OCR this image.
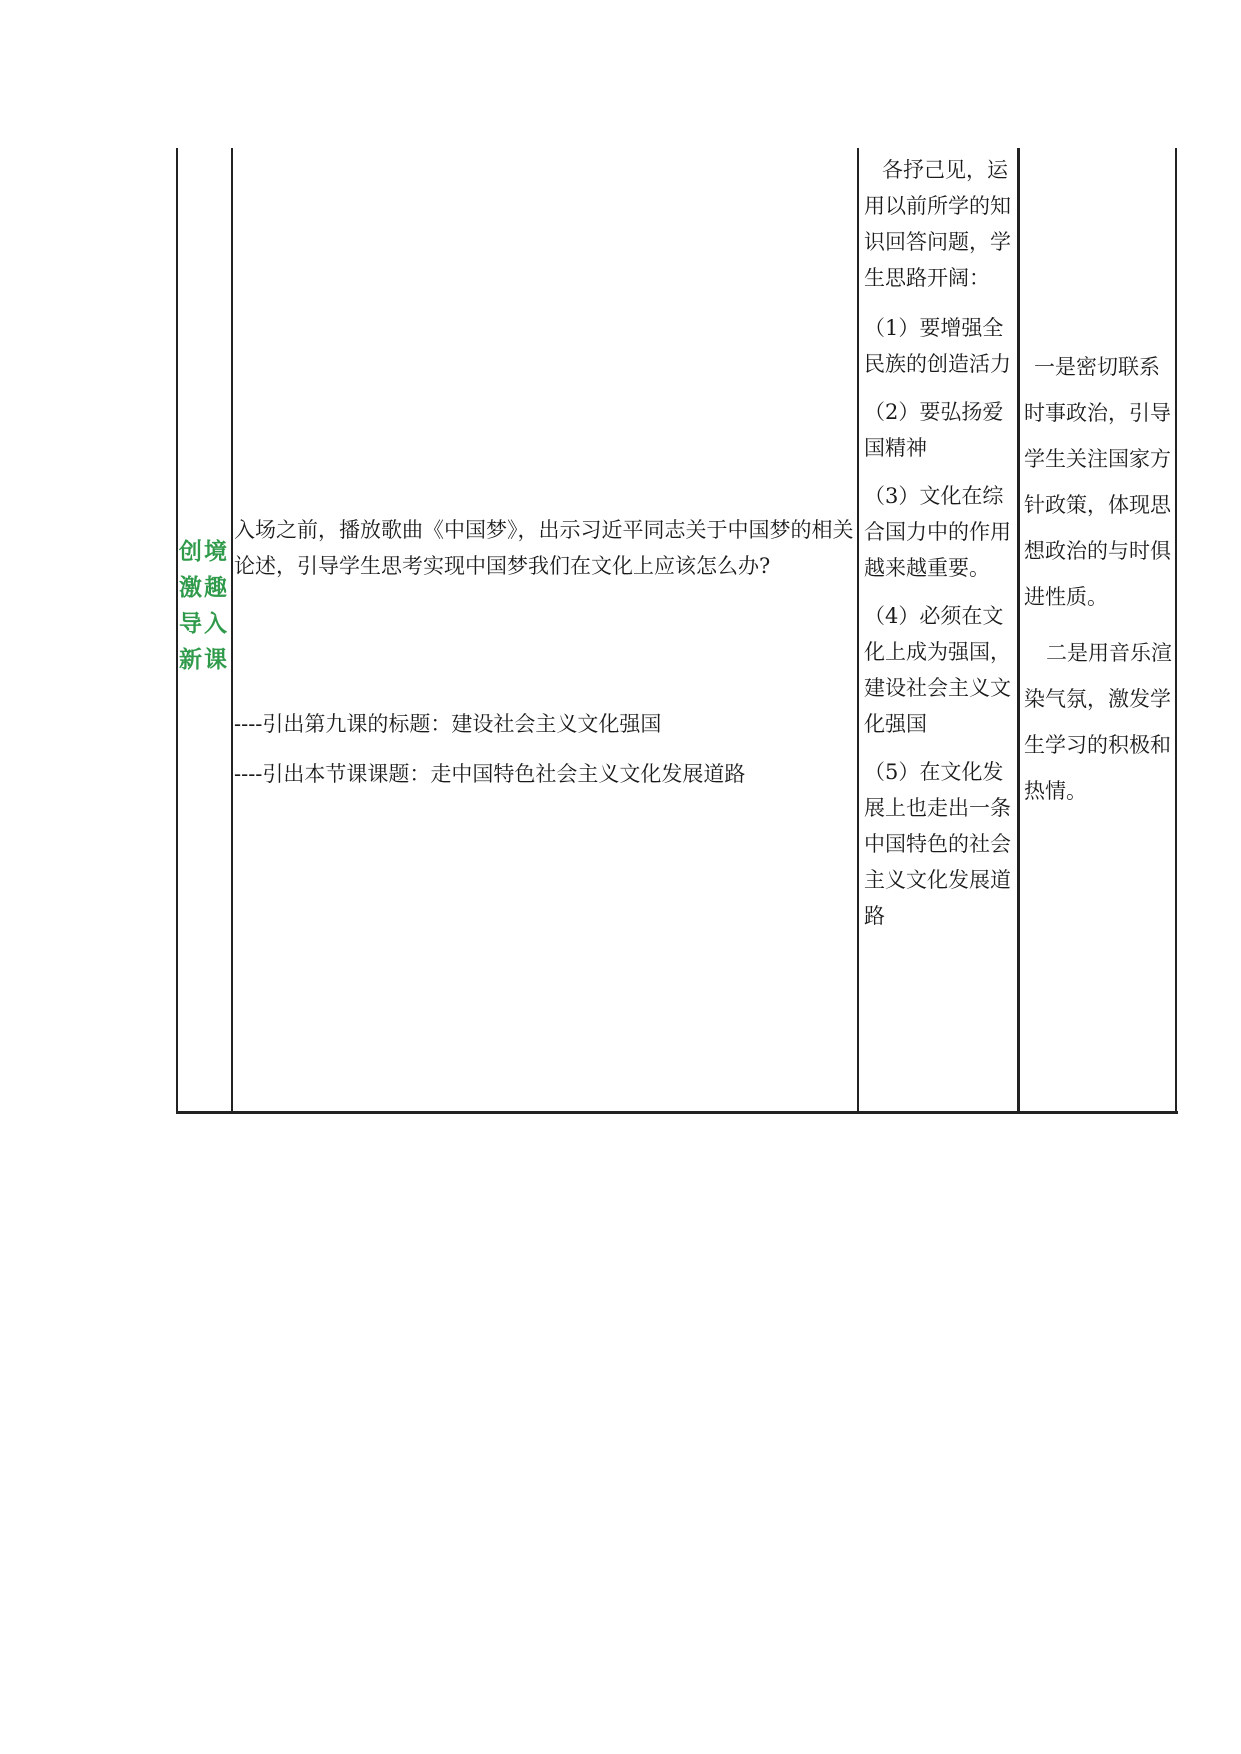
创境激趣导入新课

入场之前，播放歌曲《中国梦》，出示习近平同志关于中国梦的相关论述，引导学生思考实现中国梦我们在文化上应该怎么办?

----引出第九课的标题：建设社会主义文化强国

----引出本节课课题：走中国特色社会主义文化发展道路

各抒己见，运用以前所学的知识回答问题，学生思路开阔：

（1）要增强全民族的创造活力

（2）要弘扬爱国精神

（3）文化在综合国力中的作用越来越重要。

（4）必须在文化上成为强国，建设社会主义文化强国

（5）在文化发展上也走出一条中国特色的社会主义文化发展道路

一是密切联系时事政治，引导学生关注国家方针政策，体现思想政治的与时俱进性质。

二是用音乐渲染气氛，激发学生学习的积极和热情。
